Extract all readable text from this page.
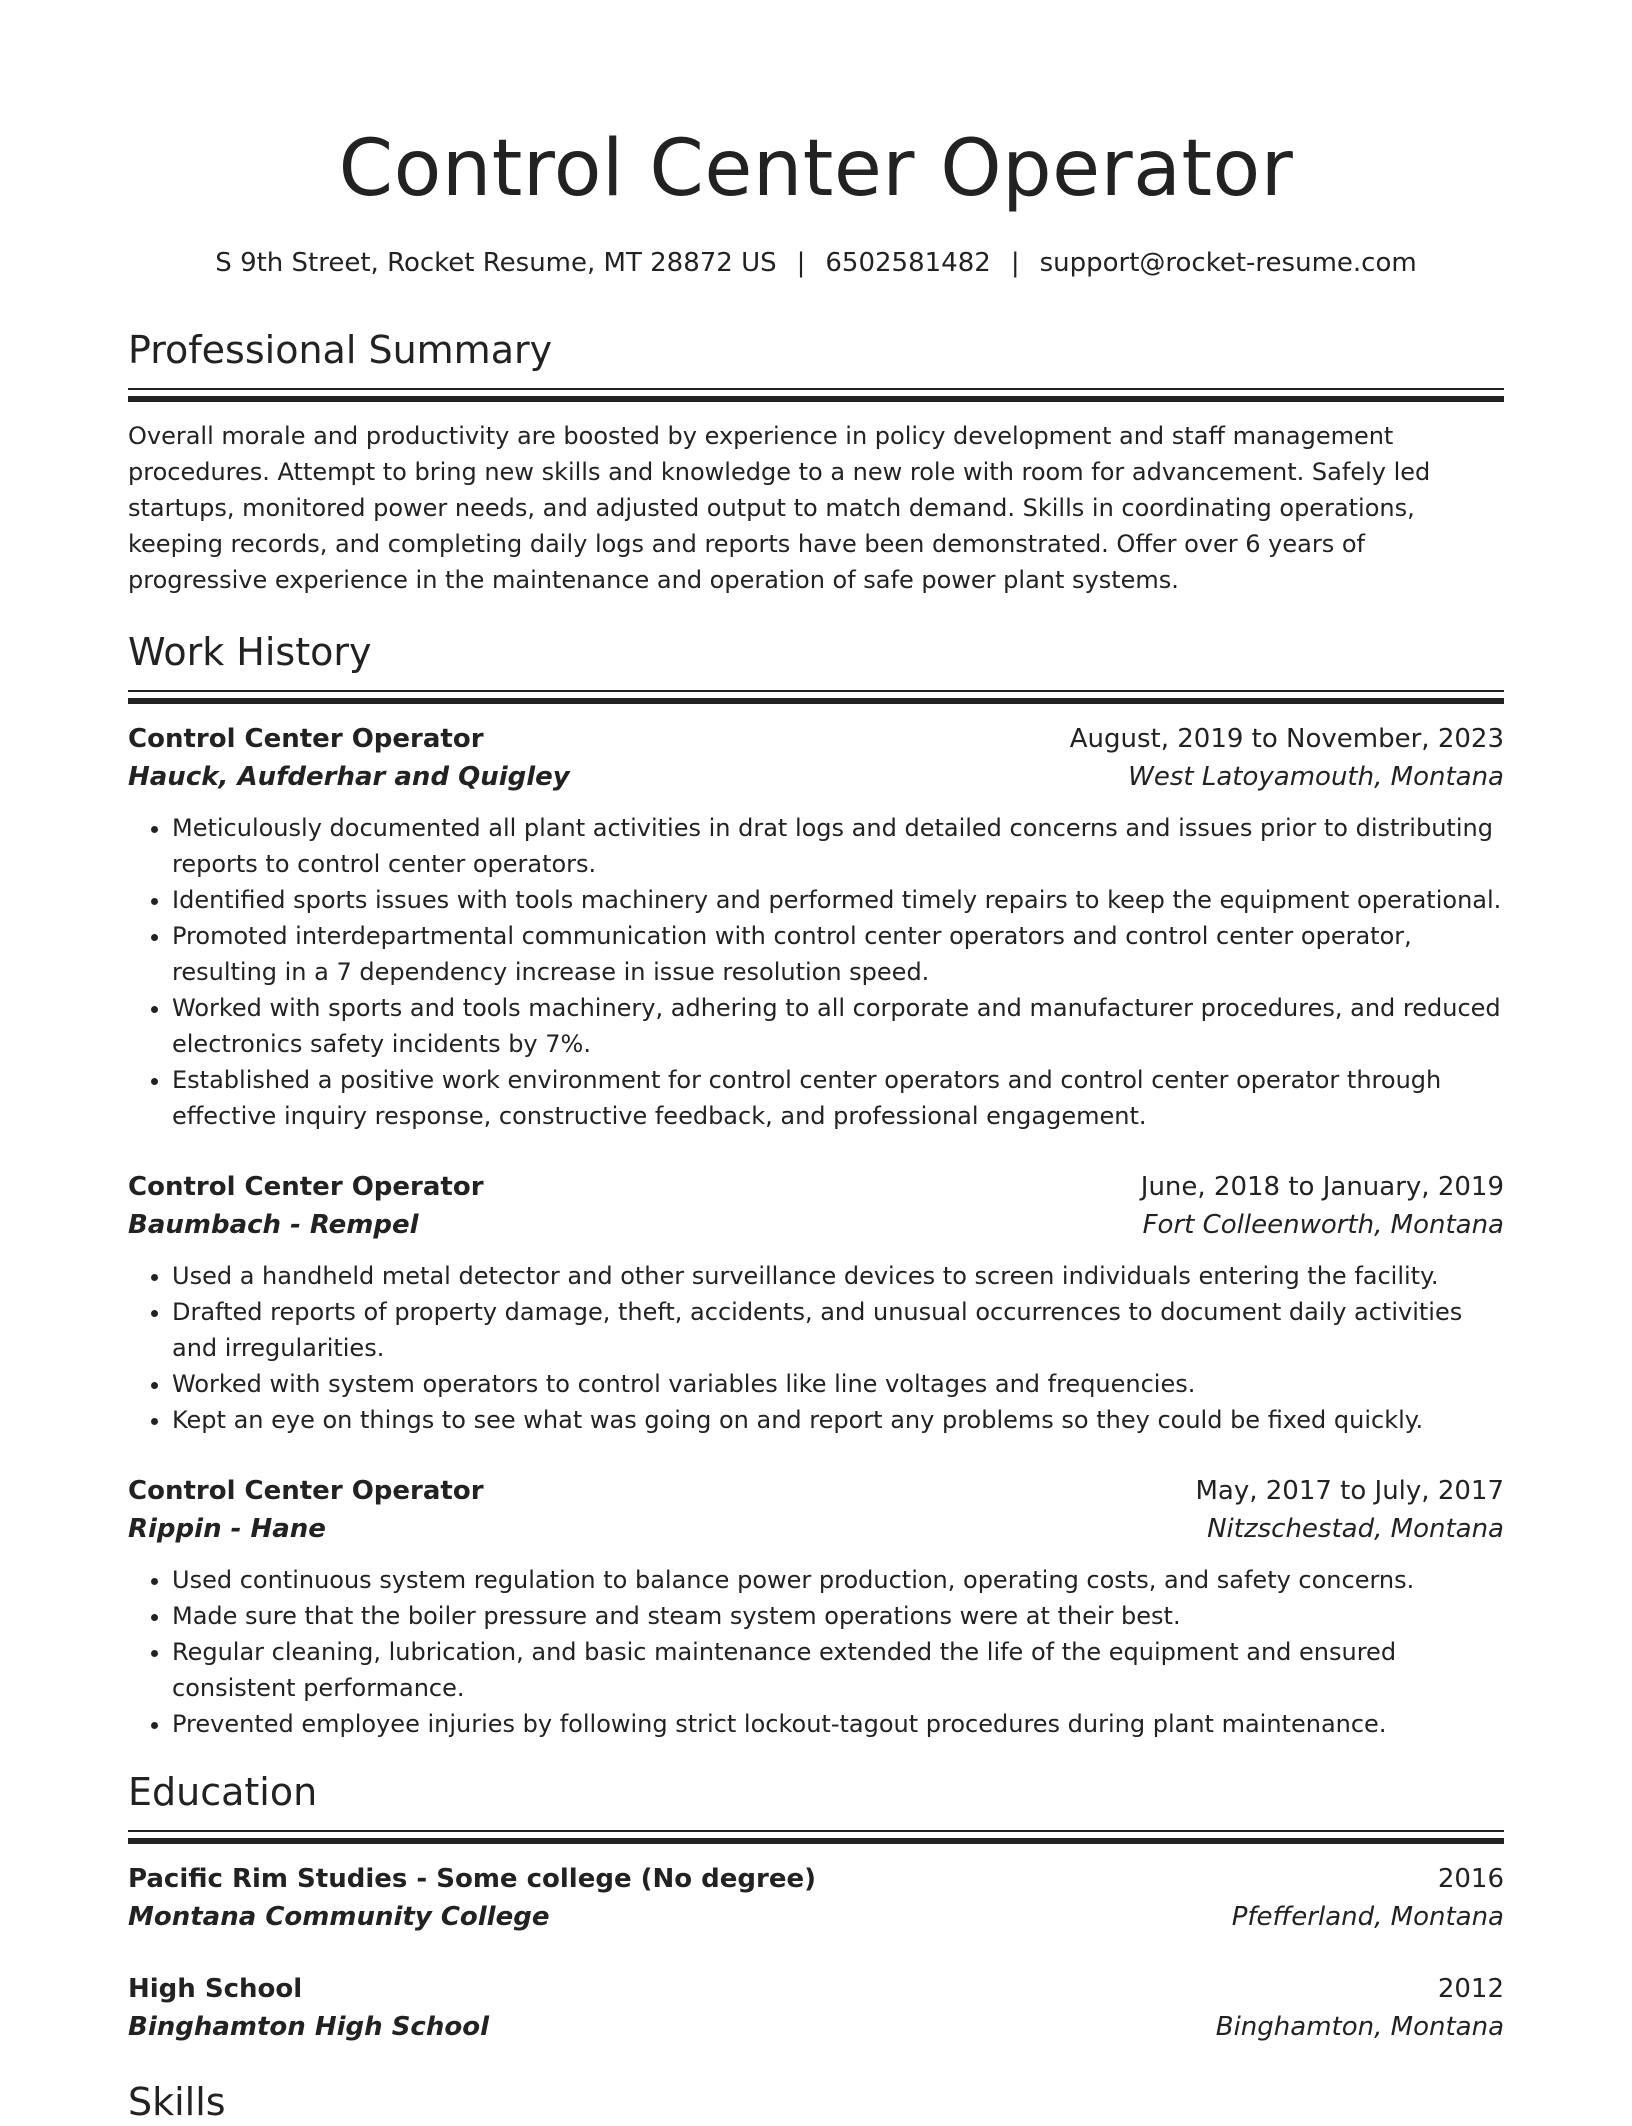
Control Center Operator
S 9th Street, Rocket Resume, MT 28872 US | 6502581482 | support@rocket-resume.com
Professional Summary
Overall morale and productivity are boosted by experience in policy development and staff management procedures. Attempt to bring new skills and knowledge to a new role with room for advancement. Safely led startups, monitored power needs, and adjusted output to match demand. Skills in coordinating operations, keeping records, and completing daily logs and reports have been demonstrated. Offer over 6 years of progressive experience in the maintenance and operation of safe power plant systems.
Work History
Control Center Operator	August, 2019 to November, 2023
Hauck, Aufderhar and Quigley	West Latoyamouth, Montana
• Meticulously documented all plant activities in drat logs and detailed concerns and issues prior to distributing reports to control center operators.
• Identified sports issues with tools machinery and performed timely repairs to keep the equipment operational.
• Promoted interdepartmental communication with control center operators and control center operator, resulting in a 7 dependency increase in issue resolution speed.
• Worked with sports and tools machinery, adhering to all corporate and manufacturer procedures, and reduced electronics safety incidents by 7%.
• Established a positive work environment for control center operators and control center operator through effective inquiry response, constructive feedback, and professional engagement.
Control Center Operator	June, 2018 to January, 2019
Baumbach - Rempel	Fort Colleenworth, Montana
• Used a handheld metal detector and other surveillance devices to screen individuals entering the facility.
• Drafted reports of property damage, theft, accidents, and unusual occurrences to document daily activities and irregularities.
• Worked with system operators to control variables like line voltages and frequencies.
• Kept an eye on things to see what was going on and report any problems so they could be fixed quickly.
Control Center Operator	May, 2017 to July, 2017
Rippin - Hane	Nitzschestad, Montana
• Used continuous system regulation to balance power production, operating costs, and safety concerns.
• Made sure that the boiler pressure and steam system operations were at their best.
• Regular cleaning, lubrication, and basic maintenance extended the life of the equipment and ensured consistent performance.
• Prevented employee injuries by following strict lockout-tagout procedures during plant maintenance.
Education
Pacific Rim Studies - Some college (No degree)	2016
Montana Community College	Pfefferland, Montana
High School	2012
Binghamton High School	Binghamton, Montana
Skills
